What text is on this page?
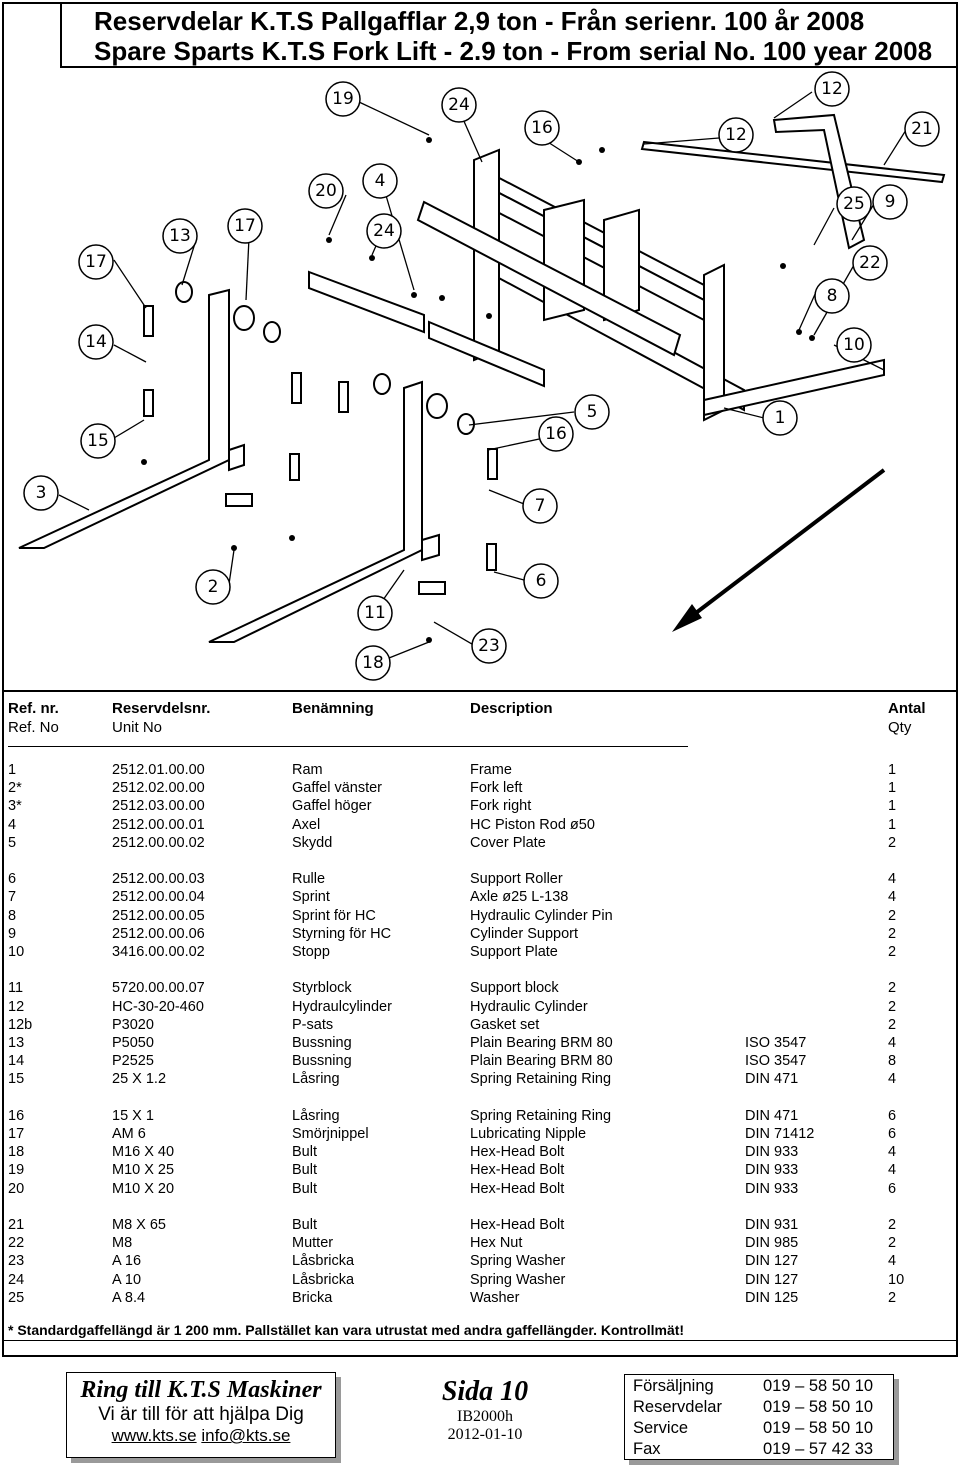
Reservdelar K.T.S Pallgafflar 2,9 ton - Från serienr. 100 år 2008
Spare Sparts K.T.S Fork Lift - 2.9 ton - From serial No. 100 year 2008
19	24
16	12
12
21
20 4
13	17	24
25 9
17	22
8
14	10
15	16
5	1
3
7
2	6
11
23
18
Ref. nr.	Reservdelsnr.	Benämning	Description	Antal
Ref. No	Unit No	Qty
1	2512.01.00.00	Ram	Frame	1
2*	2512.02.00.00	Gaffel vänster	Fork left	1
3*	2512.03.00.00	Gaffel höger	Fork right	1
4	2512.00.00.01	Axel	HC Piston Rod ø50	1
5	2512.00.00.02	Skydd	Cover Plate	2
6	2512.00.00.03	Rulle	Support Roller	4
7	2512.00.00.04	Sprint	Axle ø25 L-138	4
8	2512.00.00.05	Sprint för HC	Hydraulic Cylinder Pin	2
9	2512.00.00.06	Styrning för HC	Cylinder Support	2
10	3416.00.00.02	Stopp	Support Plate	2
11	5720.00.00.07	Styrblock	Support block	2
12	HC-30-20-460	Hydraulcylinder	Hydraulic Cylinder	2
12b	P3020	P-sats	Gasket set	2
13	P5050	Bussning	Plain Bearing BRM 80	ISO 3547	4
14	P2525	Bussning	Plain Bearing BRM 80	ISO 3547	8
15	25 X 1.2	Låsring	Spring Retaining Ring	DIN 471	4
16	15 X 1	Låsring	Spring Retaining Ring	DIN 471	6
17	AM 6	Smörjnippel	Lubricating Nipple	DIN 71412	6
18	M16 X 40	Bult	Hex-Head Bolt	DIN 933	4
19	M10 X 25	Bult	Hex-Head Bolt	DIN 933	4
20	M10 X 20	Bult	Hex-Head Bolt	DIN 933	6
21	M8 X 65	Bult	Hex-Head Bolt	DIN 931	2
22	M8	Mutter	Hex Nut	DIN 985	2
23	A 16	Låsbricka	Spring Washer	DIN 127	4
24	A 10	Låsbricka	Spring Washer	DIN 127	10
25	A 8.4	Bricka	Washer	DIN 125	2
* Standardgaffellängd är 1 200 mm. Pallstället kan vara utrustat med andra gaffellängder. Kontrollmät!
Ring till K.T.S Maskiner
Vi är till för att hjälpa Dig
www.kts.se info@kts.se
Sida 10
IB2000h
2012-01-10
Försäljning	019 – 58 50 10
Reservdelar 019 – 58 50 10
Service	019 – 58 50 10
Fax	019 – 57 42 33
